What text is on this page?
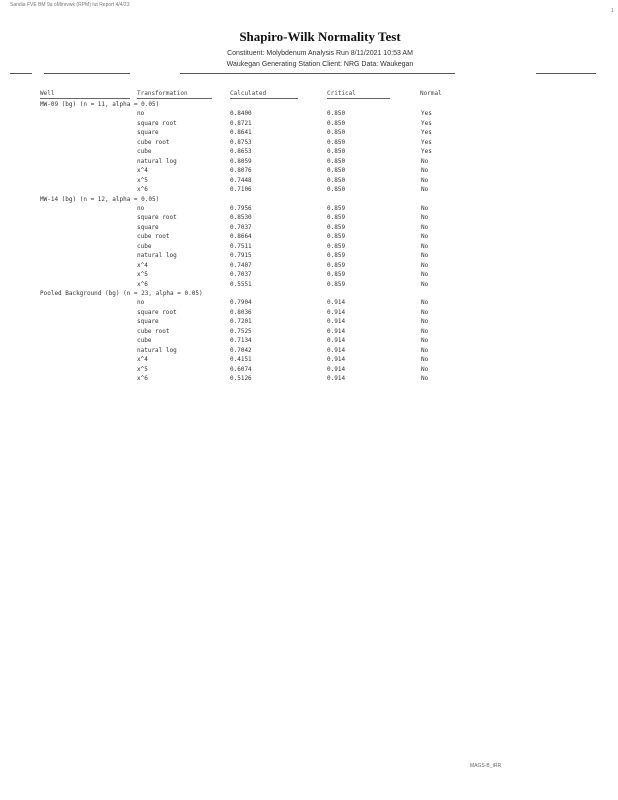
Sandia FVE BM 9a oMinrvwk (RPM) Iut Report 4/4/23
1
Shapiro-Wilk Normality Test
Constituent: Molybdenum Analysis Run 8/11/2021 10:53 AM
Waukegan Generating Station Client: NRG Data: Waukegan
Well	Transformation	Calculated	Critical	Normal
MW-09 (bg) (n = 11, alpha = 0.05)
no	0.8400	0.850	Yes
square root	0.8721	0.850	Yes
square	0.8641	0.850	Yes
cube root	0.8753	0.850	Yes
cube	0.8653	0.850	Yes
natural log	0.8059	0.850	No
x^4	0.8076	0.850	No
x^5	0.7448	0.850	No
x^6	0.7106	0.850	No
MW-14 (bg) (n = 12, alpha = 0.05)
no	0.7956	0.859	No
square root	0.8530	0.859	No
square	0.7037	0.859	No
cube root	0.8664	0.859	No
cube	0.7511	0.859	No
natural log	0.7915	0.859	No
x^4	0.7407	0.859	No
x^5	0.7037	0.859	No
x^6	0.5551	0.859	No
Pooled Background (bg) (n = 23, alpha = 0.05)
no	0.7904	0.914	No
square root	0.8036	0.914	No
square	0.7201	0.914	No
cube root	0.7525	0.914	No
cube	0.7134	0.914	No
natural log	0.7042	0.914	No
x^4	0.4151	0.914	No
x^5	0.6074	0.914	No
x^6	0.5126	0.914	No
MAGS-B_IRR
